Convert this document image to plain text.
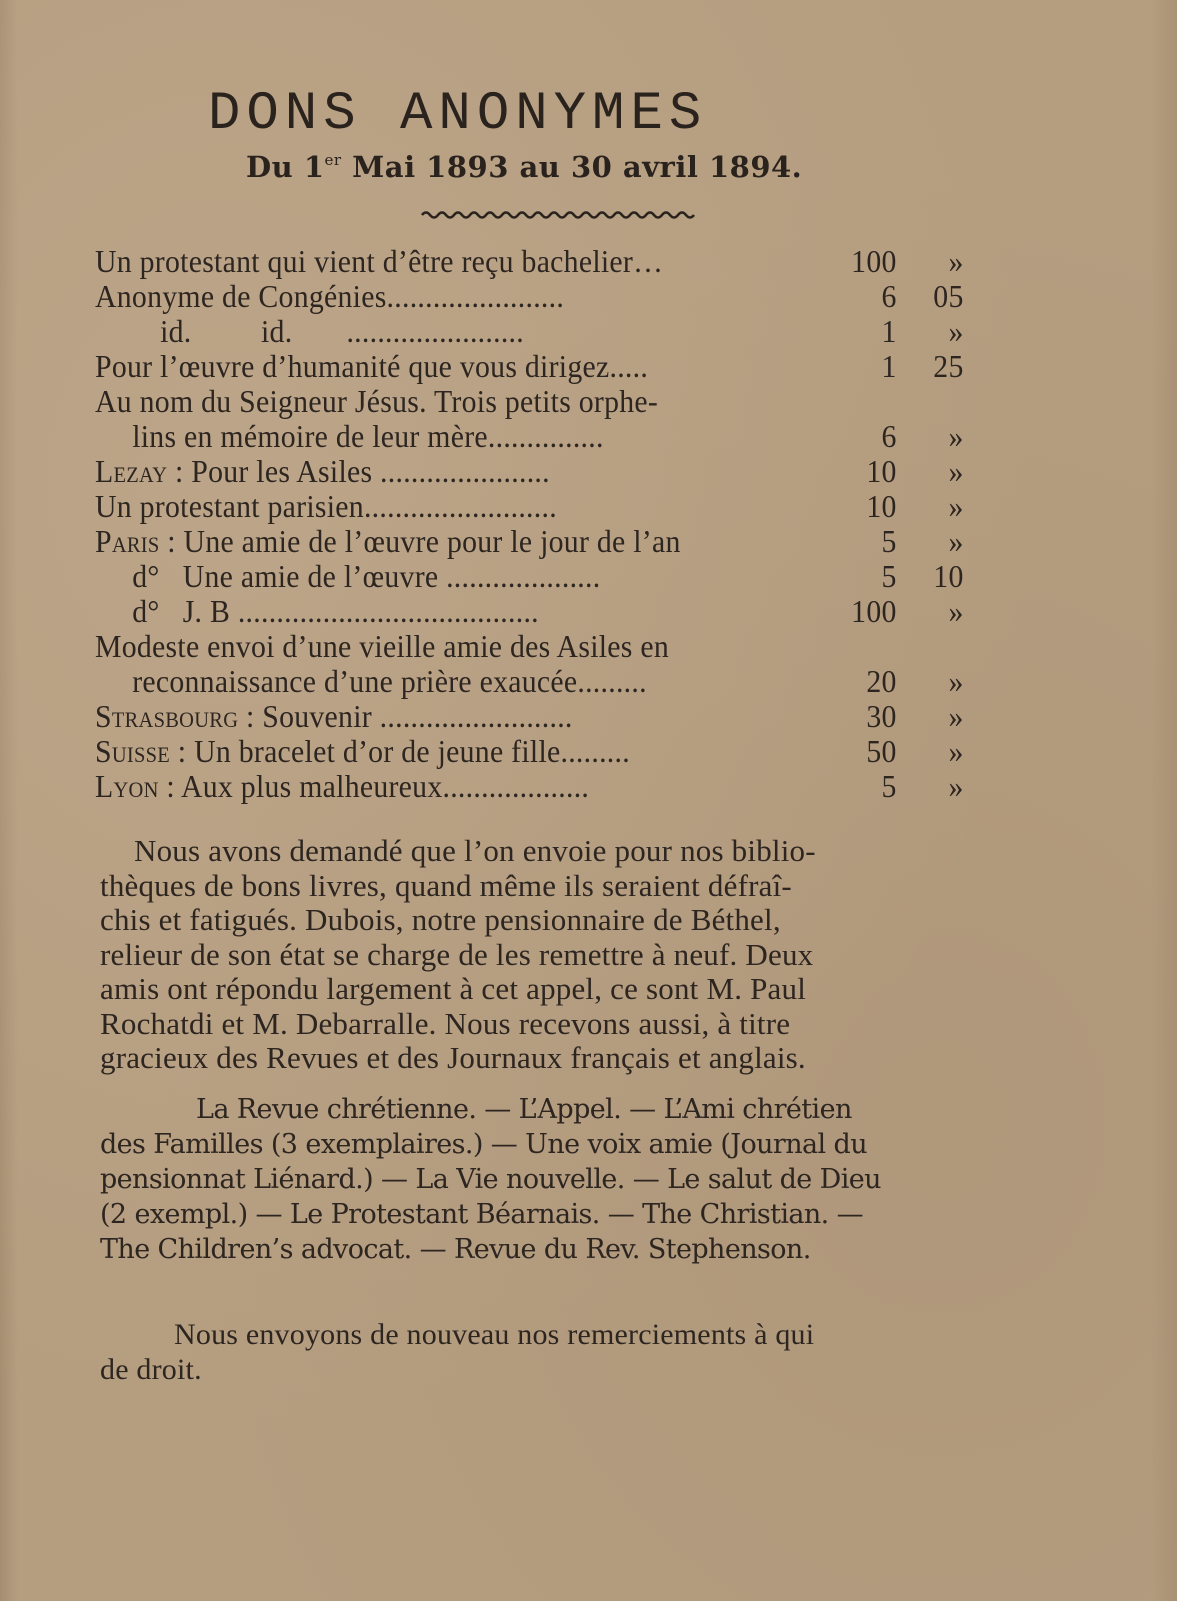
DONS ANONYMES
Du 1er Mai 1893 au 30 avril 1894.
Un protestant qui vient d’être reçu bachelier…	100 »
Anonyme de Congénies.......................	6 05
id.         id.       .......................	1 »
Pour l’œuvre d’humanité que vous dirigez.....	1 25
Au nom du Seigneur Jésus. Trois petits orphe-
lins en mémoire de leur mère...............	6 »
Lezay : Pour les Asiles ......................	10 »
Un protestant parisien.........................	10 »
Paris : Une amie de l’œuvre pour le jour de l’an	5 »
d°   Une amie de l’œuvre ....................	5 10
d°   J. B .......................................	100 »
Modeste envoi d’une vieille amie des Asiles en
reconnaissance d’une prière exaucée.........	20 »
Strasbourg : Souvenir .........................	30 »
Suisse : Un bracelet d’or de jeune fille.........	50 »
Lyon : Aux plus malheureux...................	5 »

Nous avons demandé que l’on envoie pour nos biblio-
thèques de bons livres, quand même ils seraient défraî-
chis et fatigués. Dubois, notre pensionnaire de Béthel,
relieur de son état se charge de les remettre à neuf. Deux
amis ont répondu largement à cet appel, ce sont M. Paul
Rochatdi et M. Debarralle. Nous recevons aussi, à titre
gracieux des Revues et des Journaux français et anglais.

La Revue chrétienne. — L’Appel. — L’Ami chrétien
des Familles (3 exemplaires.) — Une voix amie (Journal du
pensionnat Liénard.) — La Vie nouvelle. — Le salut de Dieu
(2 exempl.) — Le Protestant Béarnais. — The Christian. —
The Children’s advocat. — Revue du Rev. Stephenson.

Nous envoyons de nouveau nos remerciements à qui
de droit.
